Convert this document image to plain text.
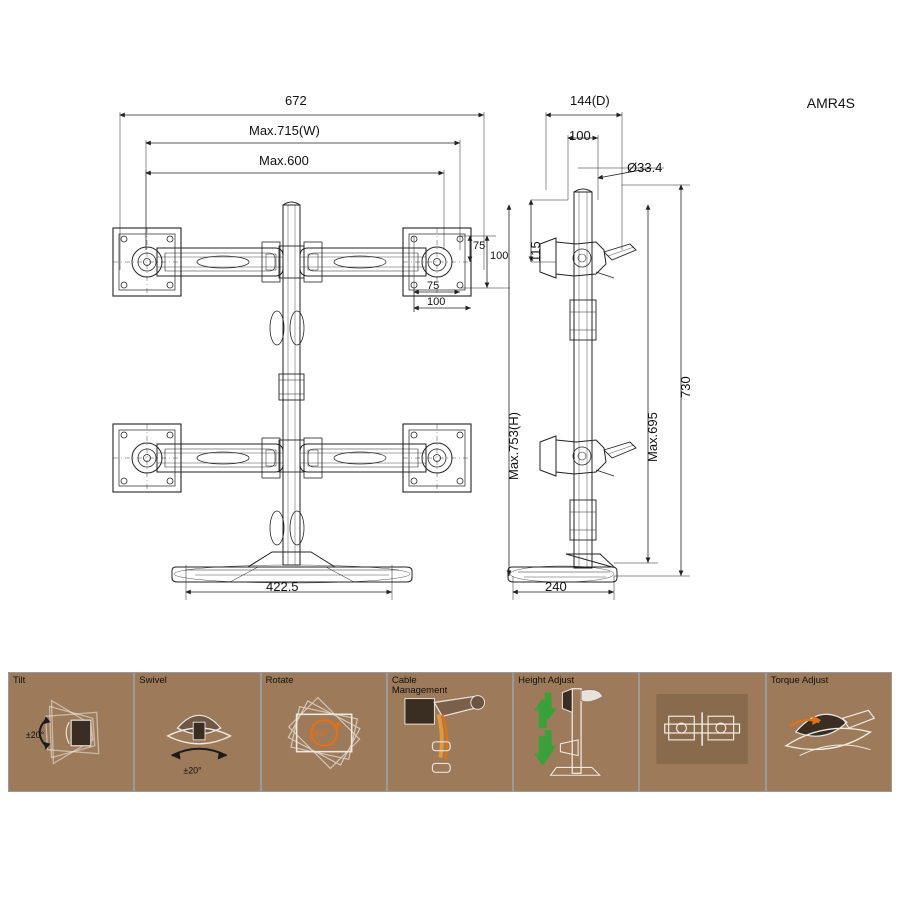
672
Max.715(W)
Max.600
75
100
75
100
422.5
144(D)
100
Ø33.4
115
Max.753(H)	Max.695
730
240
AMR4S
Tilt
±20°
Swivel
±20°
Rotate
360°
Cable
Management
Height Adjust	Torque Adjust
